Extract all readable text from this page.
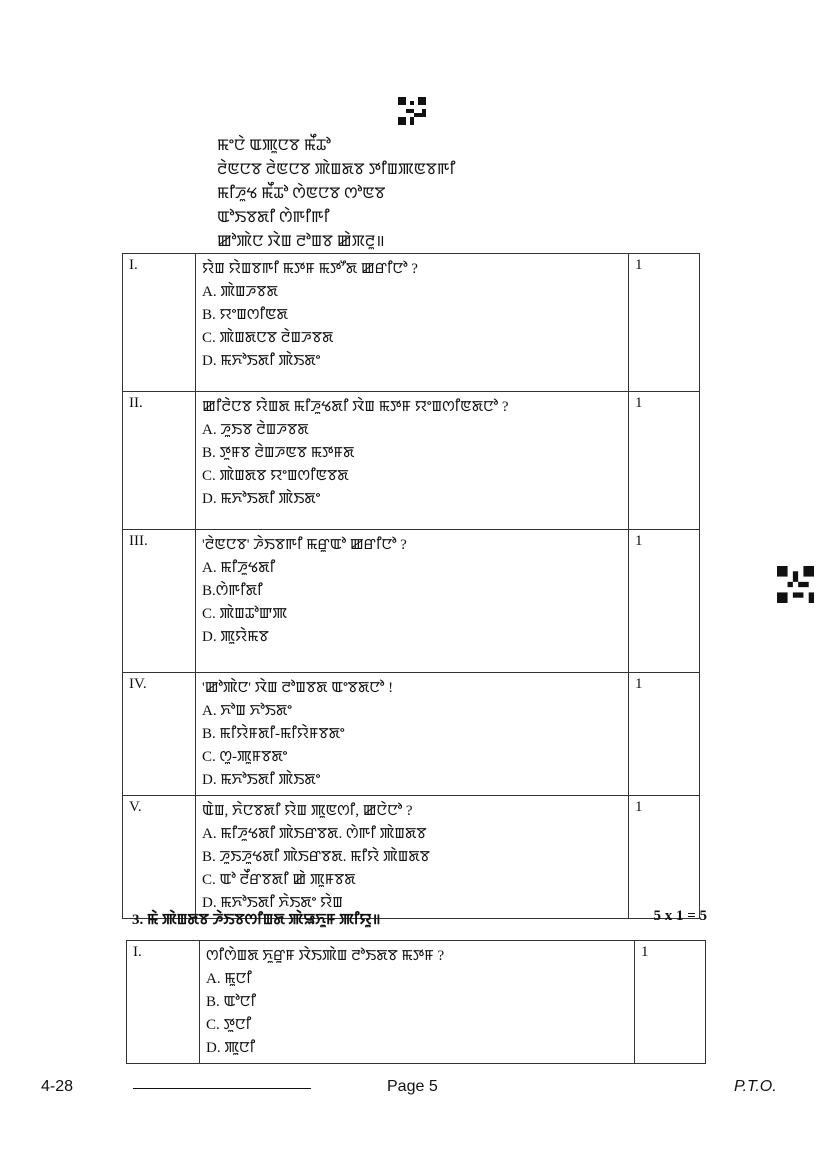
ꯃꯦꯅꯥ ꯑꯄꯨꯅꯕ ꯃꯩꯊꯣ
ꯂꯥꯟꯅꯕ ꯂꯥꯟꯅꯕ ꯄꯥꯡꯗꯕ ꯇꯤꯡꯄꯟꯕꯒꯤ
ꯃꯤꯍꯨꯠ ꯃꯩꯊꯣ ꯁꯥꯟꯅꯕ ꯁꯣꯟꯕ
ꯑꯣꯏꯕꯗꯤ ꯁꯥꯒꯤꯒꯤ
ꯀꯣꯄꯥꯅ ꯋꯥꯡ ꯂꯣꯡꯕ ꯀꯥꯞꯂꯨ॥
I.	ꯌꯥꯡ ꯌꯥꯡꯕꯒꯤ ꯃꯇꯝ ꯃꯇꯧꯗ ꯀꯔꯤꯅꯣ ?
A. ꯄꯥꯡꯍꯕꯗ
B. ꯌꯦꯡꯁꯤꯟꯗ
C. ꯄꯥꯡꯗꯅꯕ ꯂꯥꯡꯍꯕꯗ
D. ꯃꯈꯣꯏꯗꯤ ꯄꯥꯏꯗꯦ	1
II.	ꯀꯤꯂꯥꯅꯕ ꯌꯥꯡꯗ ꯃꯤꯍꯨꯠꯗꯤ ꯋꯥꯡ ꯃꯇꯝ ꯌꯦꯡꯁꯤꯟꯗꯅꯣ ?
A. ꯍꯨꯏꯕ ꯂꯥꯡꯍꯕꯗ
B. ꯇꯨꯝꯕ ꯂꯥꯡꯍꯟꯕ ꯃꯇꯝꯗ
C. ꯄꯥꯡꯗꯕ ꯌꯦꯡꯁꯤꯟꯕꯗ
D. ꯃꯈꯣꯏꯗꯤ ꯄꯥꯏꯗꯦ	1
III.	'ꯂꯥꯟꯅꯕ' ꯍꯥꯏꯕꯒꯤ ꯃꯔꯨꯑꯣ ꯀꯔꯤꯅꯣ ?
A. ꯃꯤꯍꯨꯠꯗꯤ
B.ꯁꯥꯒꯤꯗꯤ
C. ꯄꯥꯡꯊꯣꯛꯄ
D. ꯄꯨꯌꯥꯃꯕ	1
IV.	'ꯀꯣꯄꯥꯅ' ꯋꯥꯡ ꯂꯣꯡꯕꯗ ꯑꯦꯕꯗꯅꯣ !
A. ꯈꯣꯡ ꯈꯣꯏꯗꯦ
B. ꯃꯤꯌꯥꯝꯗꯤ-ꯃꯤꯌꯥꯝꯕꯗꯦ
C. ꯁꯨ-ꯄꯨꯝꯕꯗꯦ
D. ꯃꯈꯣꯏꯗꯤ ꯄꯥꯏꯗꯦ	1
V.	ꯑꯥꯡ, ꯈꯥꯅꯕꯗꯤ ꯌꯥꯡ ꯄꯨꯟꯁꯤ, ꯀꯅꯥꯅꯣ ?
A. ꯃꯤꯍꯨꯠꯗꯤ ꯄꯥꯏꯔꯕꯗ. ꯁꯥꯒꯤ ꯄꯥꯡꯗꯕ
B. ꯍꯨꯏꯍꯨꯠꯗꯤ ꯄꯥꯏꯔꯕꯗ. ꯃꯤꯌꯥ ꯄꯥꯡꯗꯕ
C. ꯑꯣ ꯂꯩꯔꯕꯗꯤ ꯀꯥ ꯄꯨꯝꯕꯗ
D. ꯃꯈꯣꯏꯗꯤ ꯈꯥꯏꯗꯦ ꯌꯥꯡ	1
3. ꯃꯥ ꯄꯥꯡꯗꯕ ꯍꯥꯏꯕꯁꯤꯡꯗ ꯄꯥꯎꯈꯨꯝ ꯄꯤꯌꯨ॥	5 x 1 = 5
I.	ꯁꯤꯁꯥꯡꯗ ꯈꯨꯔꯨꯝ ꯋꯥꯏꯄꯥꯡ ꯂꯣꯏꯗꯕ ꯃꯇꯝ ?
A. ꯃꯨꯅꯤ
B. ꯑꯣꯅꯤ
C. ꯇꯨꯅꯤ
D. ꯄꯨꯅꯤ
	1
4-28	Page 5	P.T.O.
